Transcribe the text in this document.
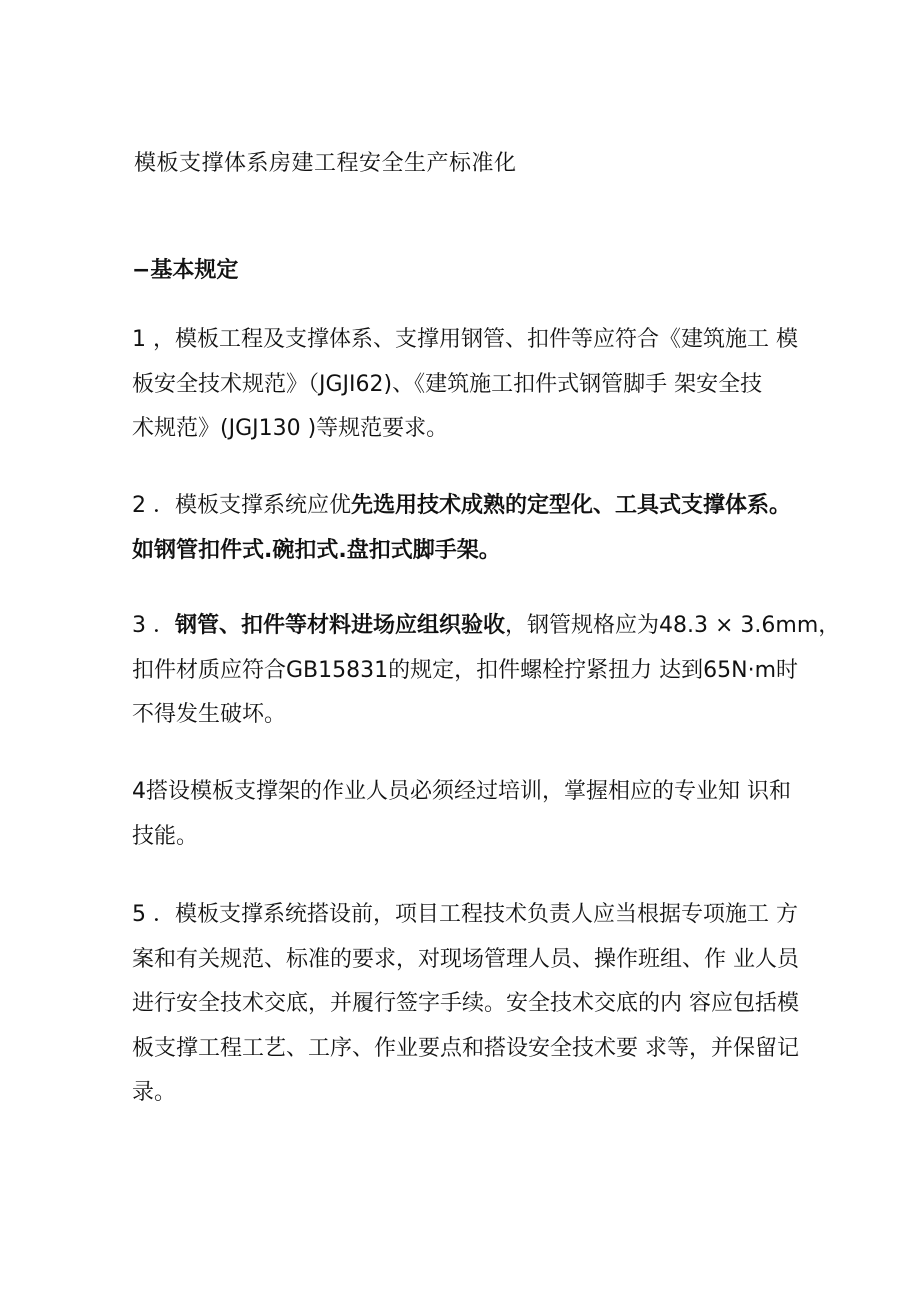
模板支撑体系房建工程安全生产标准化
−基本规定
1 ，模板工程及支撑体系、支撑用钢管、扣件等应符合《建筑施工 模
板安全技术规范》（JGJI62)、《建筑施工扣件式钢管脚手 架安全技
术规范》(JGJ130 )等规范要求。
2 ．模板支撑系统应优先选用技术成熟的定型化、工具式支撑体系。
如钢管扣件式.碗扣式.盘扣式脚手架。
3 ．钢管、扣件等材料进场应组织验收，钢管规格应为48.3 × 3.6mm，
扣件材质应符合GB15831的规定，扣件螺栓拧紧扭力 达到65N·m时
不得发生破坏。
4搭设模板支撑架的作业人员必须经过培训，掌握相应的专业知 识和
技能。
5 ．模板支撑系统搭设前，项目工程技术负责人应当根据专项施工 方
案和有关规范、标准的要求，对现场管理人员、操作班组、作 业人员
进行安全技术交底，并履行签字手续。安全技术交底的内 容应包括模
板支撑工程工艺、工序、作业要点和搭设安全技术要 求等，并保留记
录。
